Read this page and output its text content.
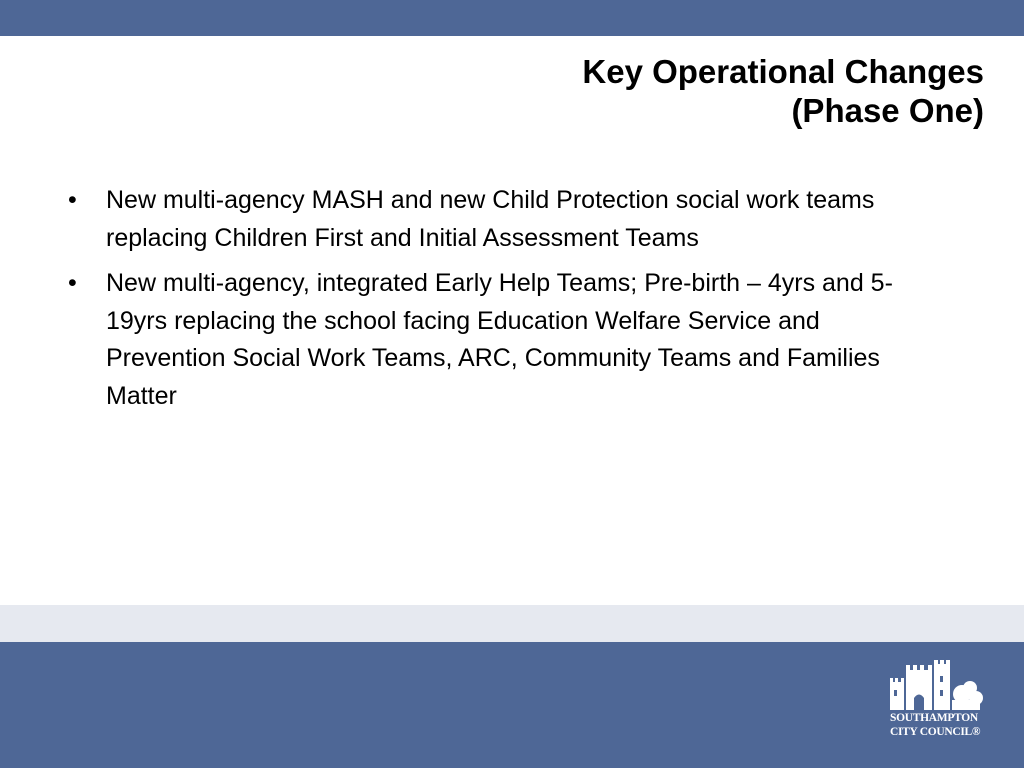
Key Operational Changes
(Phase One)
• New multi-agency MASH and new Child Protection social work teams replacing Children First and Initial Assessment Teams
• New multi-agency, integrated Early Help Teams; Pre-birth – 4yrs and 5-19yrs replacing the school facing Education Welfare Service and Prevention Social Work Teams, ARC, Community Teams and Families Matter
SOUTHAMPTON
CITY COUNCIL®
